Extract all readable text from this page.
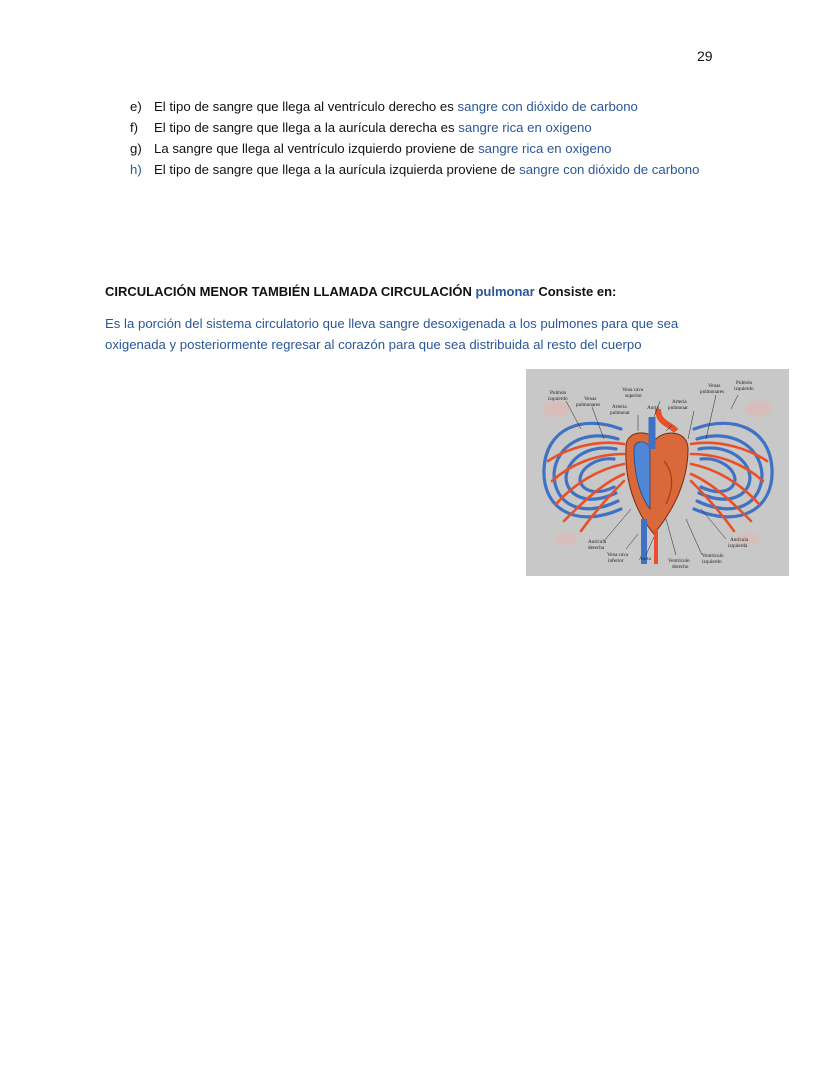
29
e) El tipo de sangre que llega al ventrículo derecho es sangre con dióxido de carbono
f) El tipo de sangre que llega a la aurícula derecha es sangre rica en oxigeno
g) La sangre que llega al ventrículo izquierdo proviene de sangre rica en oxigeno
h) El tipo de sangre que llega a la aurícula izquierda proviene de sangre con dióxido de carbono
CIRCULACIÓN MENOR TAMBIÉN LLAMADA CIRCULACIÓN pulmonar Consiste en:
Es la porción del sistema circulatorio que lleva sangre desoxigenada a los pulmones para que sea oxigenada y posteriormente regresar al corazón para que sea distribuida al resto del cuerpo
Pulmón
izquierdo	Venas
pulmonares
Vena cava
superior
Arteria
pulmonar
Aorta
Arteria
pulmonar
Venas
pulmonares
Pulmón
izquierdo
Aurícula
derecha
Vena cava
inferior	Aorta	Ventrículo
derecho
Ventrículo
izquierdo
Aurícula
izquierda
